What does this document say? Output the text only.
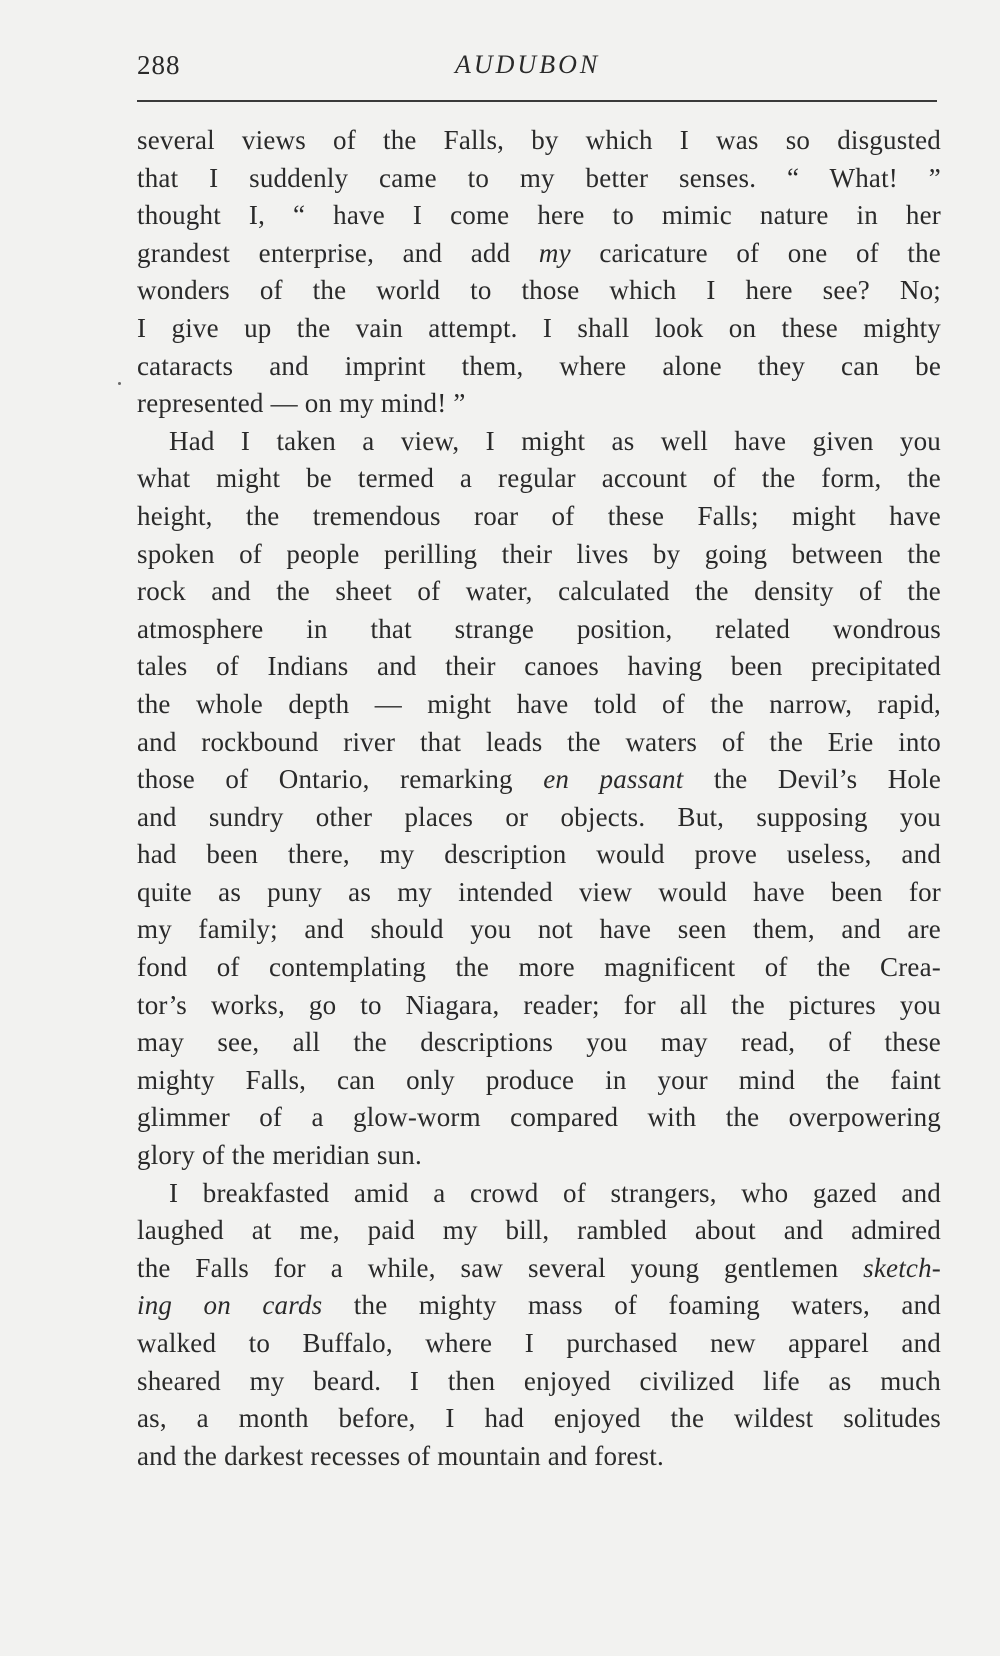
288	AUDUBON
several views of the Falls, by which I was so disgusted
that I suddenly came to my better senses. “ What! ”
thought I, “ have I come here to mimic nature in her
grandest enterprise, and add my caricature of one of the
wonders of the world to those which I here see? No;
I give up the vain attempt. I shall look on these mighty
cataracts and imprint them, where alone they can be
represented — on my mind! ”
Had I taken a view, I might as well have given you
what might be termed a regular account of the form, the
height, the tremendous roar of these Falls; might have
spoken of people perilling their lives by going between the
rock and the sheet of water, calculated the density of the
atmosphere in that strange position, related wondrous
tales of Indians and their canoes having been precipitated
the whole depth — might have told of the narrow, rapid,
and rockbound river that leads the waters of the Erie into
those of Ontario, remarking en passant the Devil’s Hole
and sundry other places or objects. But, supposing you
had been there, my description would prove useless, and
quite as puny as my intended view would have been for
my family; and should you not have seen them, and are
fond of contemplating the more magnificent of the Crea-
tor’s works, go to Niagara, reader; for all the pictures you
may see, all the descriptions you may read, of these
mighty Falls, can only produce in your mind the faint
glimmer of a glow-worm compared with the overpowering
glory of the meridian sun.
I breakfasted amid a crowd of strangers, who gazed and
laughed at me, paid my bill, rambled about and admired
the Falls for a while, saw several young gentlemen sketch-
ing on cards the mighty mass of foaming waters, and
walked to Buffalo, where I purchased new apparel and
sheared my beard. I then enjoyed civilized life as much
as, a month before, I had enjoyed the wildest solitudes
and the darkest recesses of mountain and forest.
